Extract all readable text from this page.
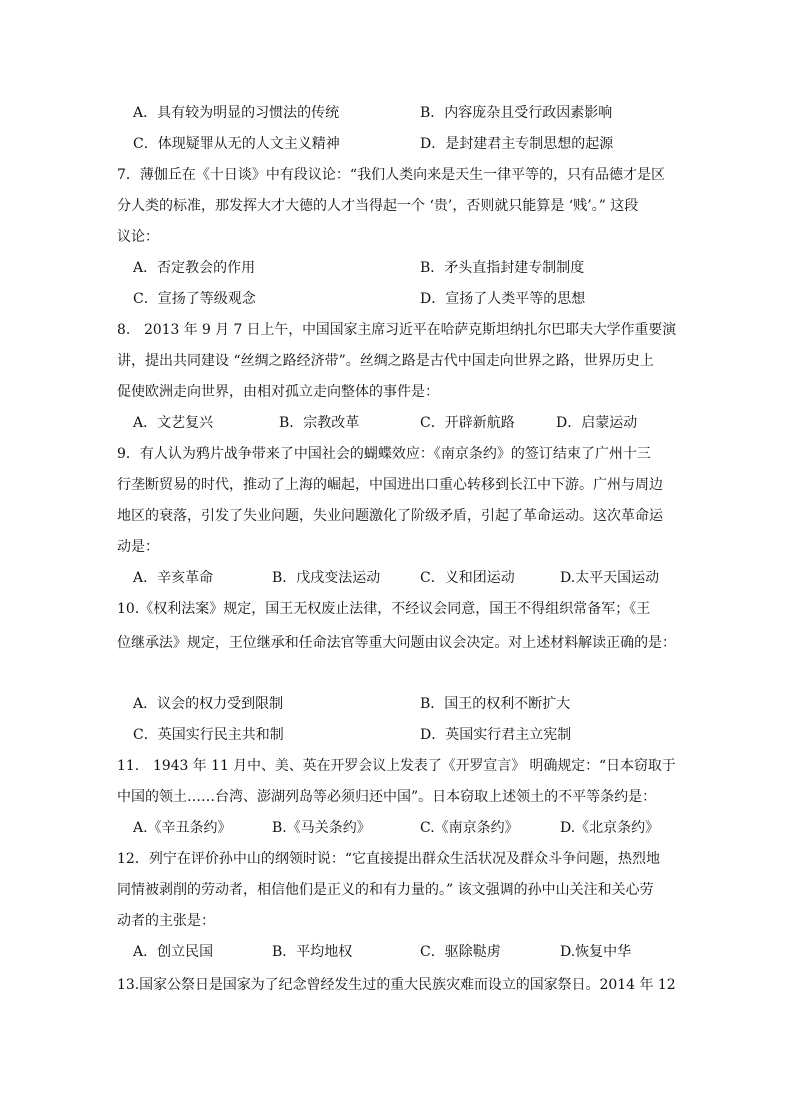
A．具有较为明显的习惯法的传统	B．内容庞杂且受行政因素影响
C．体现疑罪从无的人文主义精神	D．是封建君主专制思想的起源
7．薄伽丘在《十日谈》中有段议论：“我们人类向来是天生一律平等的，只有品德才是区
分人类的标准，那发挥大才大德的人才当得起一个 ‘贵’，否则就只能算是 ‘贱’。” 这段
议论：
A．否定教会的作用	B．矛头直指封建专制制度
C．宣扬了等级观念	D．宣扬了人类平等的思想
8.　2013 年 9 月 7 日上午，中国国家主席习近平在哈萨克斯坦纳扎尔巴耶夫大学作重要演
讲，提出共同建设 “丝绸之路经济带”。丝绸之路是古代中国走向世界之路，世界历史上
促使欧洲走向世界，由相对孤立走向整体的事件是：
A．文艺复兴	B．宗教改革	C．开辟新航路	D．启蒙运动
9．有人认为鸦片战争带来了中国社会的蝴蝶效应：《南京条约》的签订结束了广州十三
行垄断贸易的时代，推动了上海的崛起，中国进出口重心转移到长江中下游。广州与周边
地区的衰落，引发了失业问题，失业问题激化了阶级矛盾，引起了革命运动。这次革命运
动是：
A．辛亥革命	B．戊戌变法运动	C．义和团运动	D.太平天国运动
10.《权利法案》规定，国王无权废止法律，不经议会同意，国王不得组织常备军；《王
位继承法》规定，王位继承和任命法官等重大问题由议会决定。对上述材料解读正确的是：
A．议会的权力受到限制	B．国王的权利不断扩大
C．英国实行民主共和制	D．英国实行君主立宪制
11.　1943 年 11 月中、美、英在开罗会议上发表了《开罗宣言》 明确规定：“日本窃取于
中国的领土……台湾、澎湖列岛等必须归还中国”。日本窃取上述领土的不平等条约是：
A.《辛丑条约》	B.《马关条约》	C.《南京条约》	D.《北京条约》
12．列宁在评价孙中山的纲领时说：“它直接提出群众生活状况及群众斗争问题，热烈地
同情被剥削的劳动者，相信他们是正义的和有力量的。” 该文强调的孙中山关注和关心劳
动者的主张是：
A．创立民国	B．平均地权	C．驱除鞑虏	D.恢复中华
13.国家公祭日是国家为了纪念曾经发生过的重大民族灾难而设立的国家祭日。2014 年 12
